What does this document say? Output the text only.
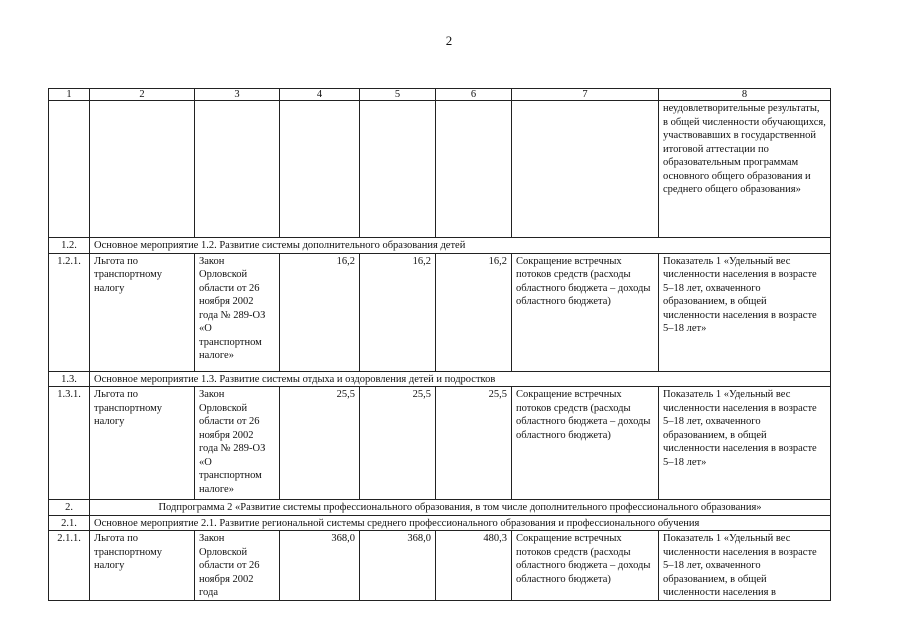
2
1	2	3	4	5	6	7	8
							неудовлетворительные результаты, в общей численности обучающихся, участвовавших в государственной итоговой аттестации по образовательным программам основного общего образования и среднего общего образования»
1.2.	Основное мероприятие 1.2. Развитие системы дополнительного образования детей						
1.2.1.	Льгота по транспортному налогу	Закон Орловской области от 26 ноября 2002 года № 289-ОЗ «О транспортном налоге»	16,2	16,2	16,2	Сокращение встречных потоков средств (расходы областного бюджета – доходы областного бюджета)	Показатель 1 «Удельный вес численности населения в возрасте 5–18 лет, охваченного образованием, в общей численности населения в возрасте 5–18 лет»
1.3.	Основное мероприятие 1.3. Развитие системы отдыха и оздоровления детей и подростков						
1.3.1.	Льгота по транспортному налогу	Закон Орловской области от 26 ноября 2002 года № 289-ОЗ «О транспортном налоге»	25,5	25,5	25,5	Сокращение встречных потоков средств (расходы областного бюджета – доходы областного бюджета)	Показатель 1 «Удельный вес численности населения в возрасте 5–18 лет, охваченного образованием, в общей численности населения в возрасте 5–18 лет»
2.	Подпрограмма 2 «Развитие системы профессионального образования, в том числе дополнительного профессионального образования»						
2.1.	Основное мероприятие 2.1. Развитие региональной системы среднего профессионального образования и профессионального обучения						
2.1.1.	Льгота по транспортному налогу	Закон Орловской области от 26 ноября 2002 года	368,0	368,0	480,3	Сокращение встречных потоков средств (расходы областного бюджета – доходы областного бюджета)	Показатель 1 «Удельный вес численности населения в возрасте 5–18 лет, охваченного образованием, в общей численности населения в
